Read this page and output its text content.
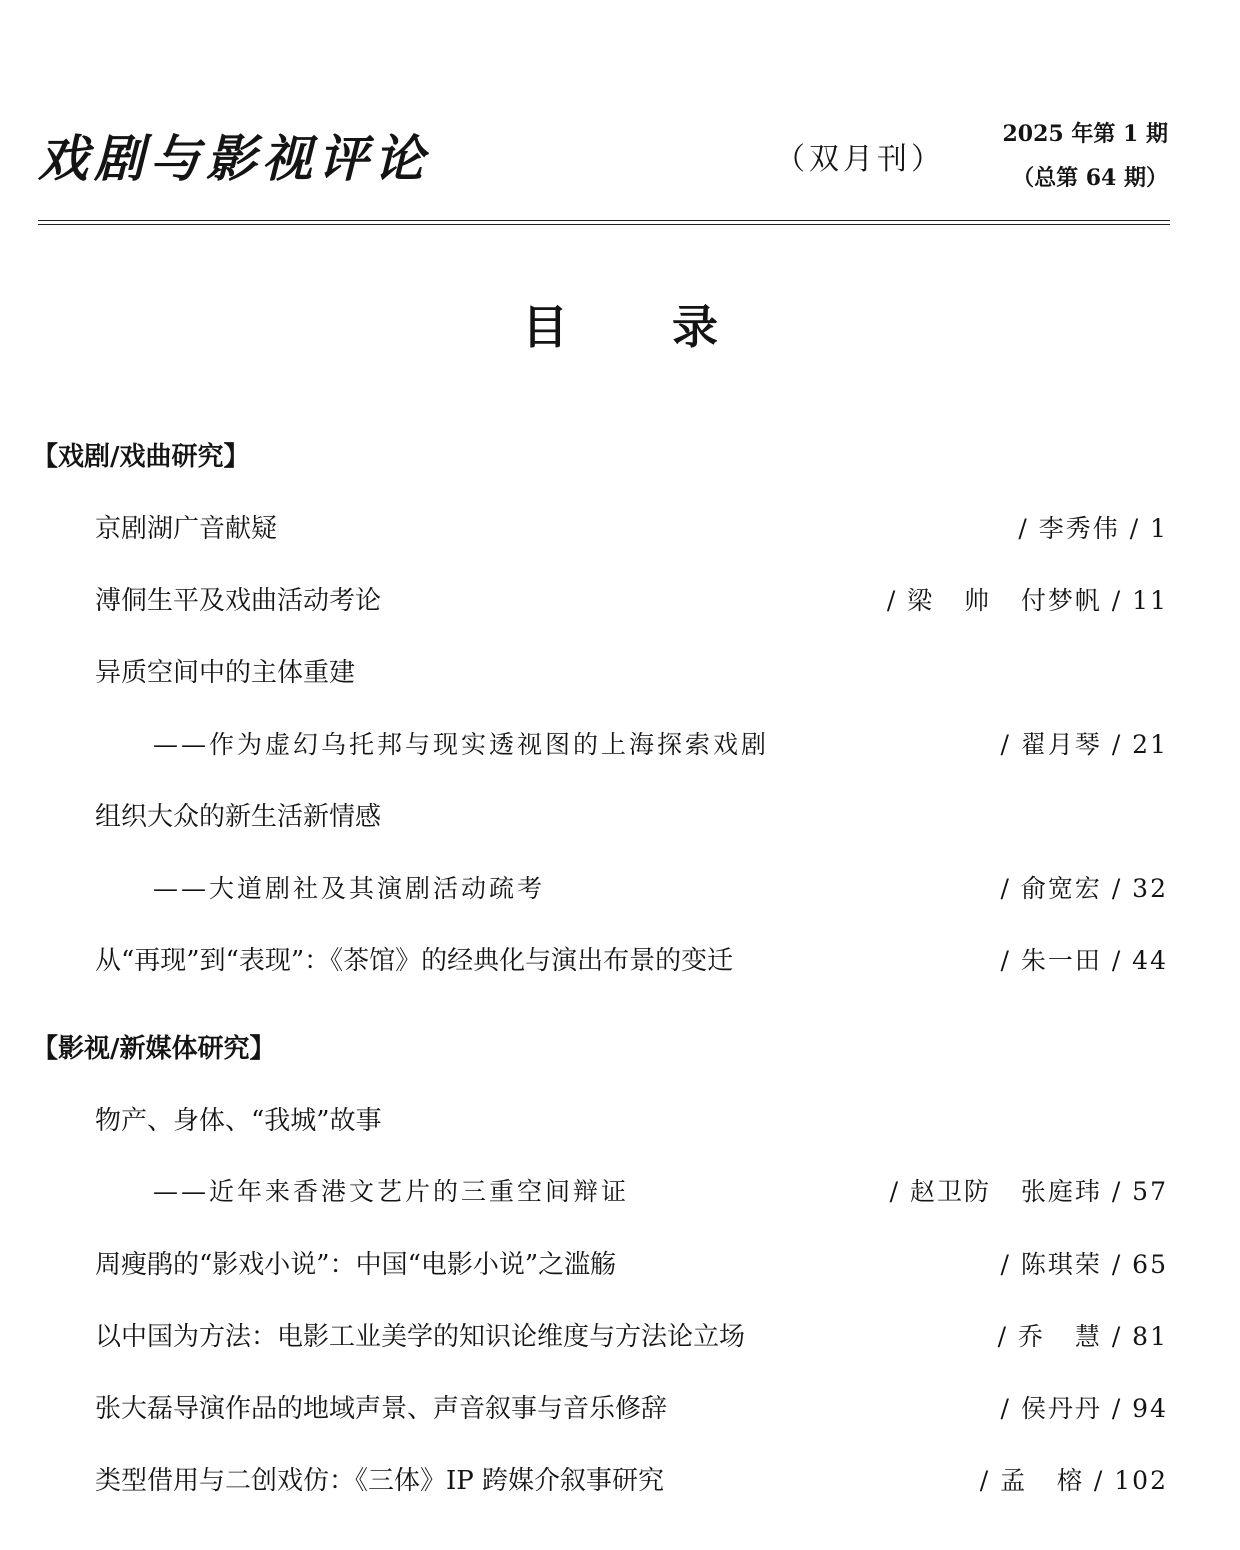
戏剧与影视评论	（双月刊）
2025 年第 1 期
（总第 64 期）
目录
【戏剧/戏曲研究】
京剧湖广音献疑	/ 李秀伟 / 1
溥侗生平及戏曲活动考论	/ 梁   帅   付梦帆 / 11
异质空间中的主体重建
——作为虚幻乌托邦与现实透视图的上海探索戏剧	/ 翟月琴 / 21
组织大众的新生活新情感
——大道剧社及其演剧活动疏考	/ 俞宽宏 / 32
从“再现”到“表现”：《茶馆》的经典化与演出布景的变迁	/ 朱一田 / 44
【影视/新媒体研究】
物产、身体、“我城”故事
——近年来香港文艺片的三重空间辩证	/ 赵卫防   张庭玮 / 57
周瘦鹃的“影戏小说”：中国“电影小说”之滥觞	/ 陈琪荣 / 65
以中国为方法：电影工业美学的知识论维度与方法论立场	/ 乔   慧 / 81
张大磊导演作品的地域声景、声音叙事与音乐修辞	/ 侯丹丹 / 94
类型借用与二创戏仿：《三体》IP 跨媒介叙事研究	/ 孟   榕 / 102
